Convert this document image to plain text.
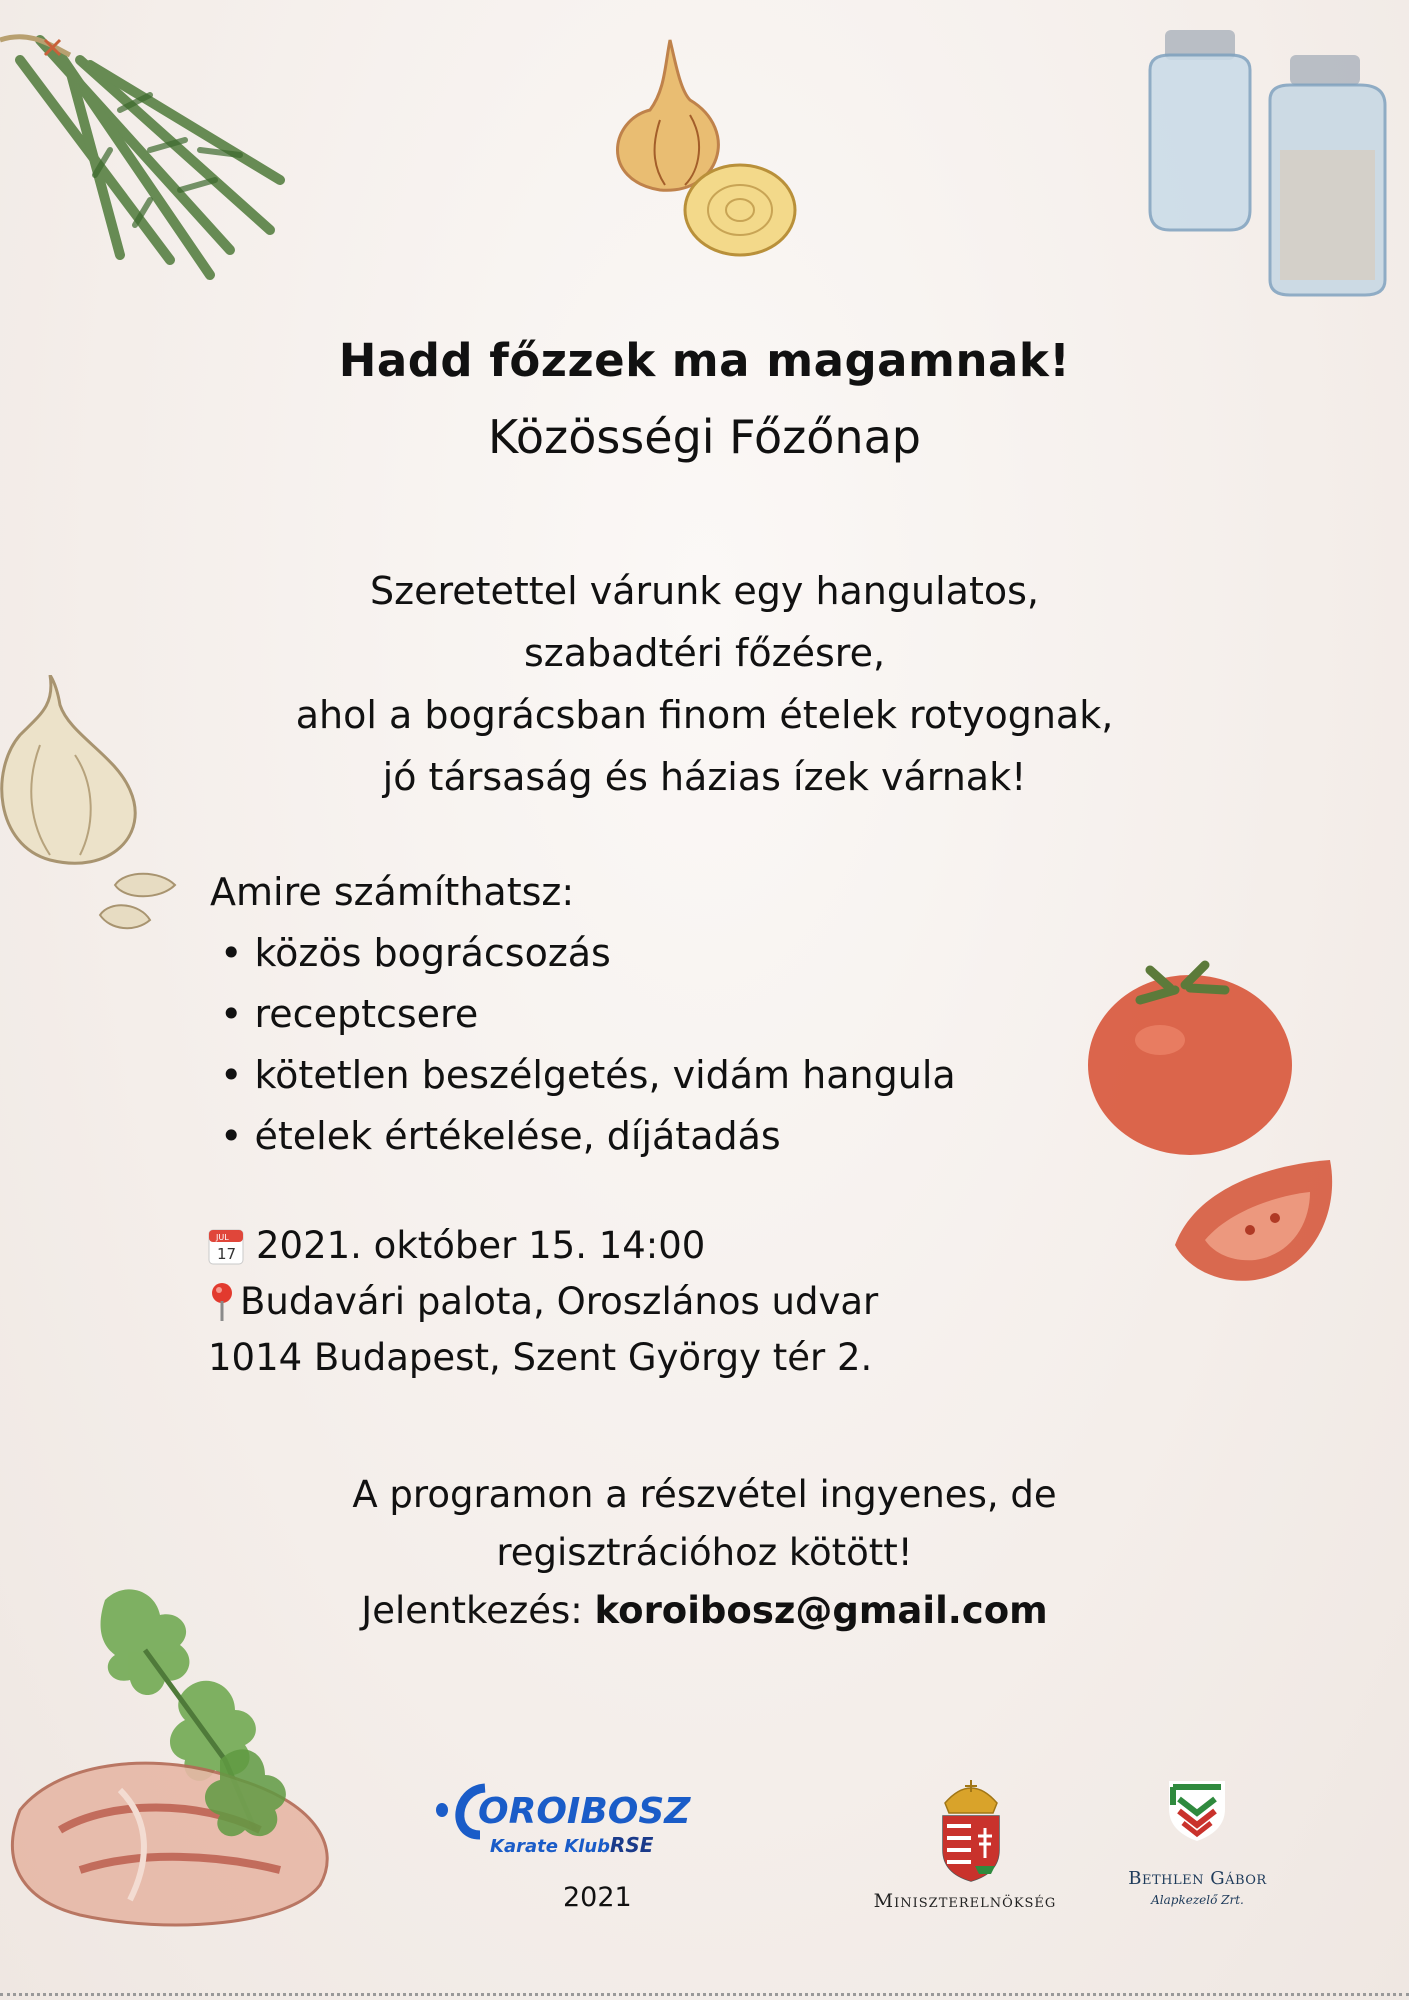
Hadd főzzek ma magamnak!
Közösségi Főzőnap
Szeretettel várunk egy hangulatos,
szabadtéri főzésre,
ahol a bográcsban finom ételek rotyognak,
jó társaság és házias ízek várnak!
Amire számíthatsz:
• közös bográcsozás
• receptcsere
• kötetlen beszélgetés, vidám hangula
• ételek értékelése, díjátadás
JUL
17 2021. október 15. 14:00
Budavári palota, Oroszlános udvar
1014 Budapest, Szent György tér 2.
A programon a részvétel ingyenes, de
regisztrációhoz kötött!
Jelentkezés: koroibosz@gmail.com
OROIBOSZ
Karate Klub RSE
2021	Miniszterelnökség
Bethlen Gábor
Alapkezelő Zrt.
